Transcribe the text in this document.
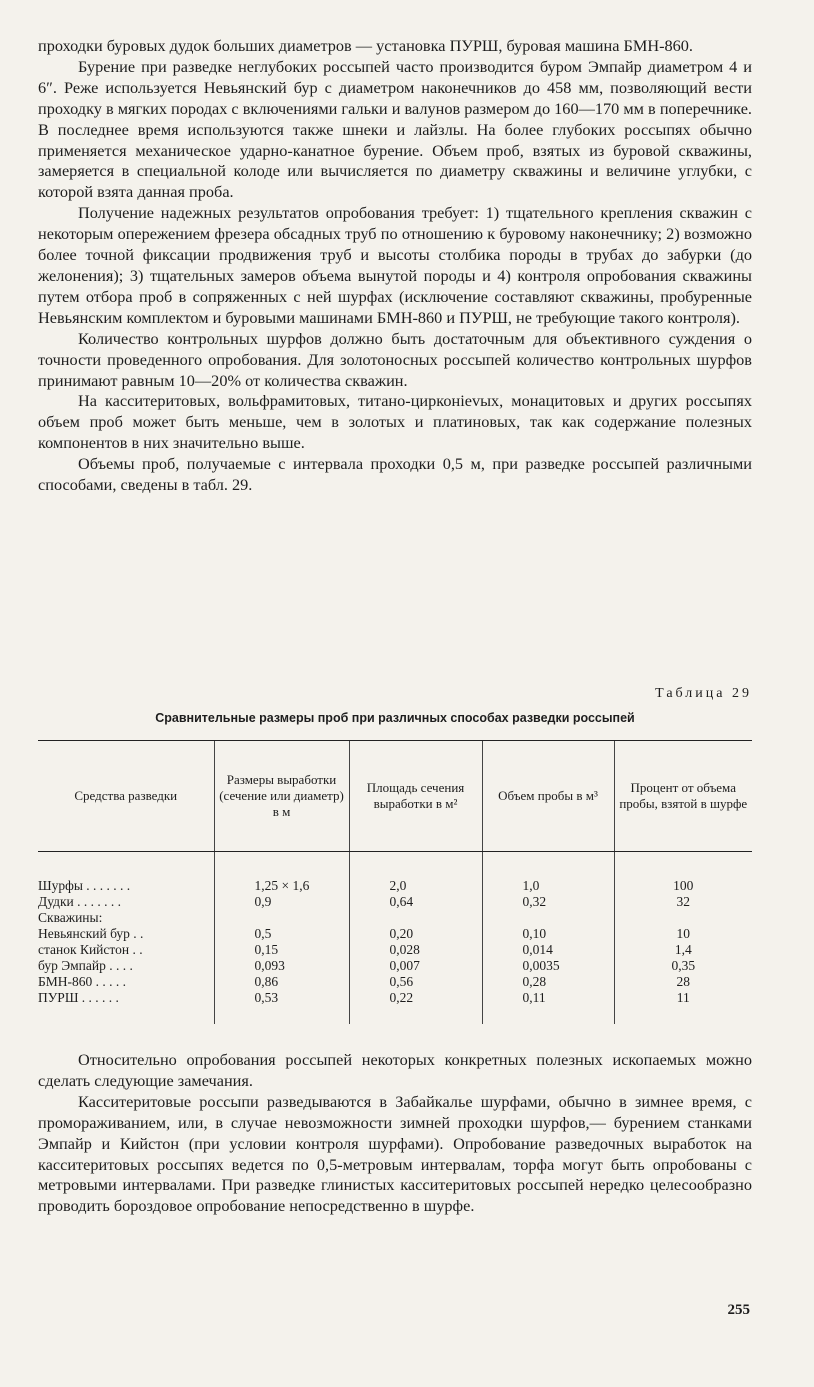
проходки буровых дудок больших диаметров — установка ПУРШ, буровая машина БМН-860.

Бурение при разведке неглубоких россыпей часто производится буром Эмпайр диаметром 4 и 6″. Реже используется Невьянский бур с диаметром наконечников до 458 мм, позволяющий вести проходку в мягких породах с включениями гальки и валунов размером до 160—170 мм в поперечнике. В последнее время используются также шнеки и лайзлы. На более глубоких россыпях обычно применяется механическое ударно-канатное бурение. Объем проб, взятых из буровой скважины, замеряется в специальной колоде или вычисляется по диаметру скважины и величине углубки, с которой взята данная проба.

Получение надежных результатов опробования требует: 1) тщательного крепления скважин с некоторым опережением фрезера обсадных труб по отношению к буровому наконечнику; 2) возможно более точной фиксации продвижения труб и высоты столбика породы в трубах до забурки (до желонения); 3) тщательных замеров объема вынутой породы и 4) контроля опробования скважины путем отбора проб в сопряженных с ней шурфах (исключение составляют скважины, пробуренные Невьянским комплектом и буровыми машинами БМН-860 и ПУРШ, не требующие такого контроля).

Количество контрольных шурфов должно быть достаточным для объективного суждения о точности проведенного опробования. Для золотоносных россыпей количество контрольных шурфов принимают равным 10—20% от количества скважин.

На касситеритовых, вольфрамитовых, титано-цирконievых, монацитовых и других россыпях объем проб может быть меньше, чем в золотых и платиновых, так как содержание полезных компонентов в них значительно выше.

Объемы проб, получаемые с интервала проходки 0,5 м, при разведке россыпей различными способами, сведены в табл. 29.

Таблица 29
Сравнительные размеры проб при различных способах разведки россыпей
Средства разведки	Размеры выработки (сечение или диаметр) в м	Площадь сечения выработки в м²	Объем пробы в м³	Процент от объема пробы, взятой в шурфе
Шурфы . . . . . . .	1,25 × 1,6	2,0	1,0	100
Дудки . . . . . . .	0,9	0,64	0,32	32
Скважины:				
Невьянский бур . .	0,5	0,20	0,10	10
станок Кийстон . .	0,15	0,028	0,014	1,4
бур Эмпайр . . . .	0,093	0,007	0,0035	0,35
БМН-860 . . . . .	0,86	0,56	0,28	28
ПУРШ . . . . . .	0,53	0,22	0,11	11

Относительно опробования россыпей некоторых конкретных полезных ископаемых можно сделать следующие замечания.

Касситеритовые россыпи разведываются в Забайкалье шурфами, обычно в зимнее время, с промораживанием, или, в случае невозможности зимней проходки шурфов,— бурением станками Эмпайр и Кийстон (при условии контроля шурфами). Опробование разведочных выработок на касситеритовых россыпях ведется по 0,5-метровым интервалам, торфа могут быть опробованы с метровыми интервалами. При разведке глинистых касситеритовых россыпей нередко целесообразно проводить бороздовое опробование непосредственно в шурфе.

255
